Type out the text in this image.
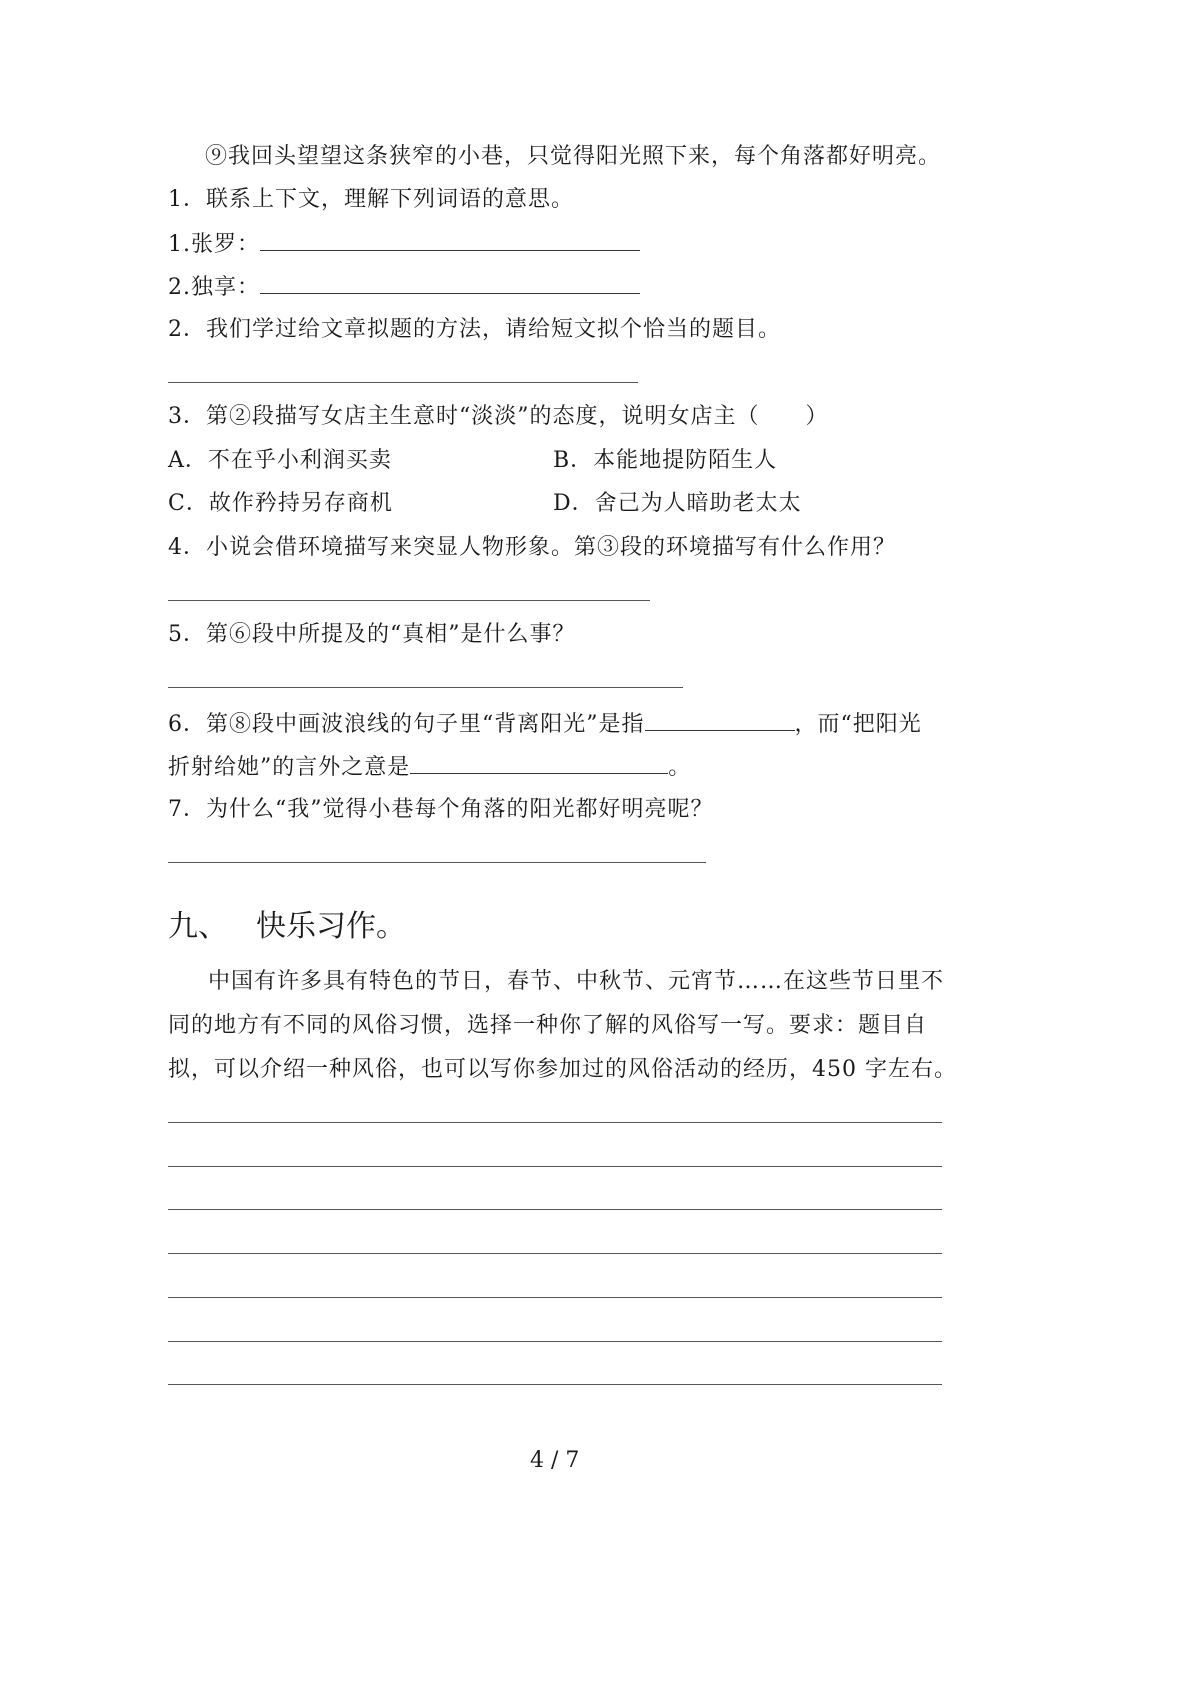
⑨我回头望望这条狭窄的小巷，只觉得阳光照下来，每个角落都好明亮。
1．联系上下文，理解下列词语的意思。
1.张罗：
2.独享：
2．我们学过给文章拟题的方法，请给短文拟个恰当的题目。
3．第②段描写女店主生意时“淡淡”的态度，说明女店主（　　）
A．不在乎小利润买卖	B．本能地提防陌生人
C．故作矜持另存商机	D．舍己为人暗助老太太
4．小说会借环境描写来突显人物形象。第③段的环境描写有什么作用？
5．第⑥段中所提及的“真相”是什么事？
6．第⑧段中画波浪线的句子里“背离阳光”是指	，而“把阳光
折射给她”的言外之意是	。
7．为什么“我”觉得小巷每个角落的阳光都好明亮呢？
九、 快乐习作。
中国有许多具有特色的节日，春节、中秋节、元宵节……在这些节日里不
同的地方有不同的风俗习惯，选择一种你了解的风俗写一写。要求：题目自
拟，可以介绍一种风俗，也可以写你参加过的风俗活动的经历，450 字左右。
4 / 7
